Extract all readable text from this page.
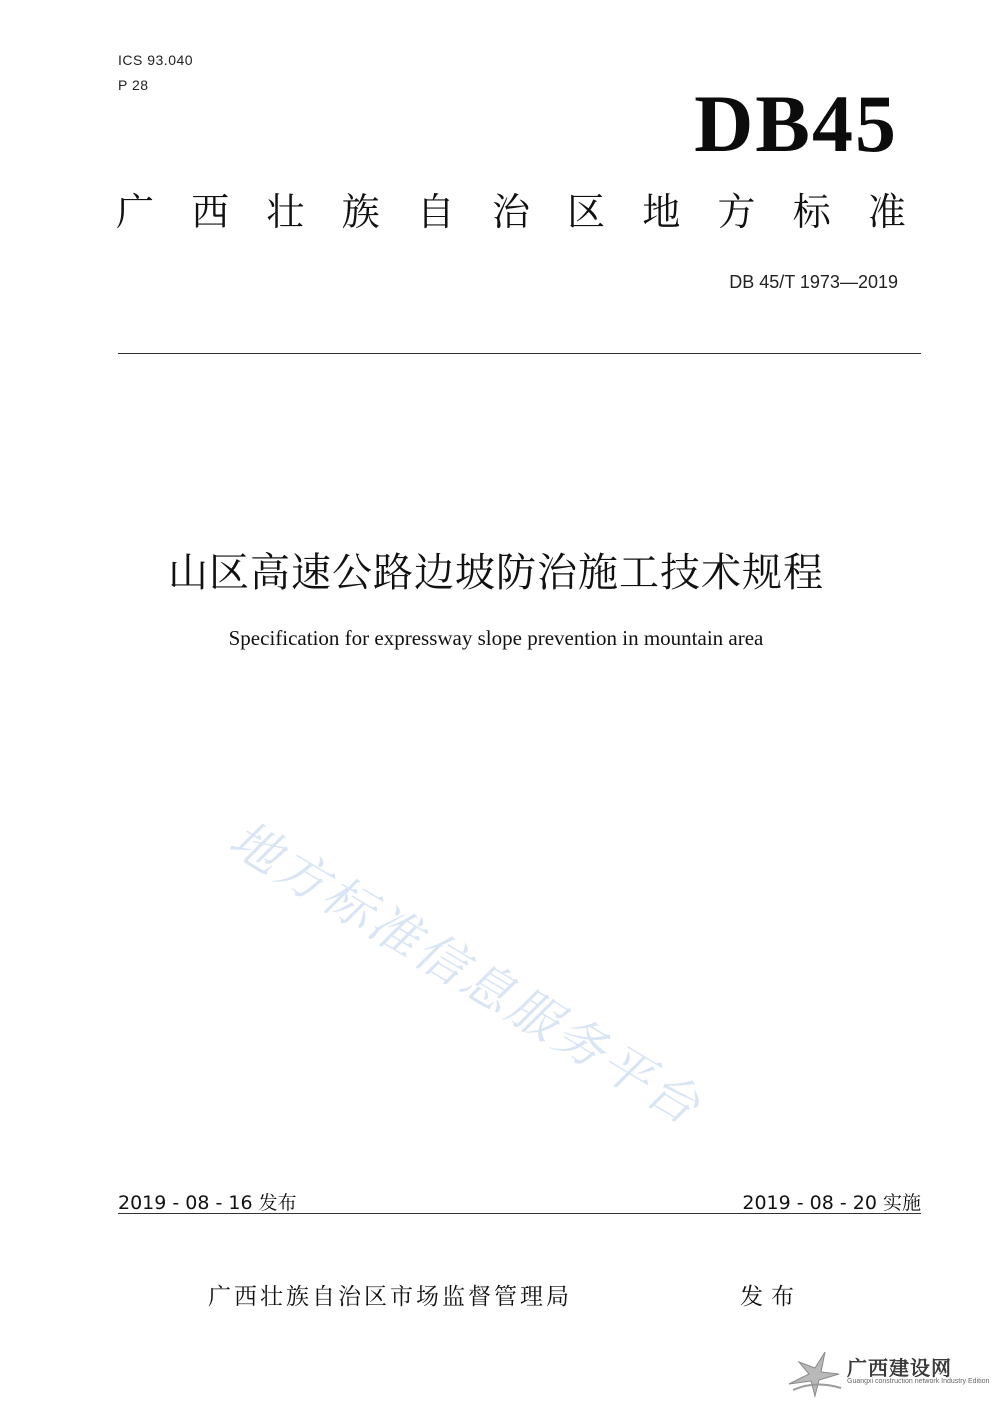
ICS 93.040
P 28	DB45
广 西 壮 族 自 治 区 地 方 标 准
DB 45/T 1973—2019
山区高速公路边坡防治施工技术规程
Specification for expressway slope prevention in mountain area
地方标准信息服务平台
2019 - 08 - 16 发布	2019 - 08 - 20 实施
广西壮族自治区市场监督管理局	发布
广西建设网
Guangxi construction network Industry Edition
